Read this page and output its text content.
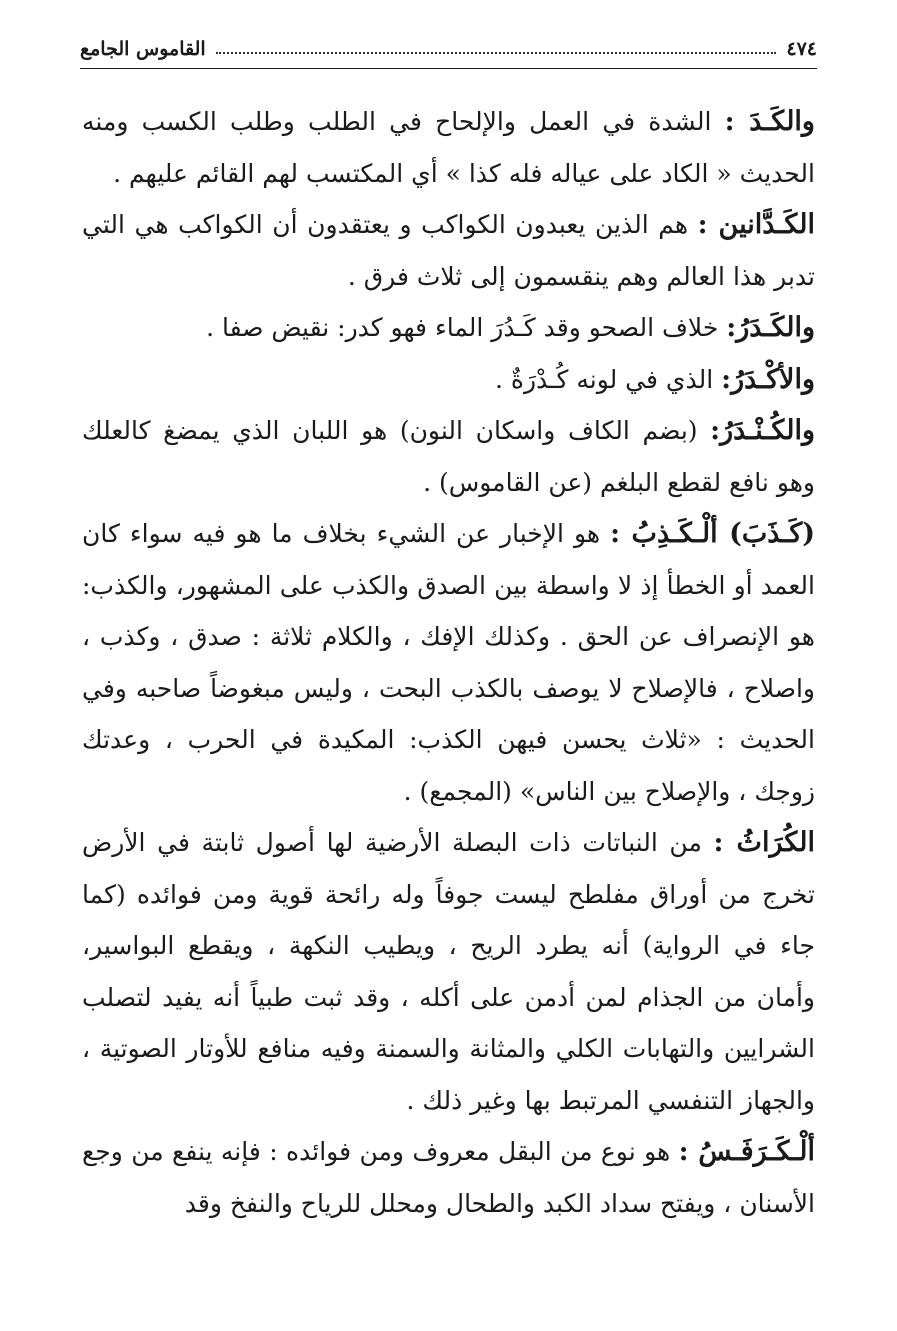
٤٧٤
القاموس الجامع

والكَـدَ : الشدة في العمل والإلحاح في الطلب وطلب الكسب ومنه الحديث « الكاد على عياله فله كذا » أي المكتسب لهم القائم عليهم .

الكَـدَّانين : هم الذين يعبدون الكواكب و يعتقدون أن الكواكب هي التي تدبر هذا العالم وهم ينقسمون إلى ثلاث فرق .

والكَـدَرُ: خلاف الصحو وقد كَـدُرَ الماء فهو كدر: نقيض صفا .

والأكْـدَرُ: الذي في لونه كُـدْرَةٌ .

والكُـنْـدَرُ: (بضم الكاف واسكان النون) هو اللبان الذي يمضغ كالعلك وهو نافع لقطع البلغم (عن القاموس) .

(كَـذَبَ) ألْـكَـذِبُ : هو الإخبار عن الشيء بخلاف ما هو فيه سواء كان العمد أو الخطأ إذ لا واسطة بين الصدق والكذب على المشهور، والكذب: هو الإنصراف عن الحق . وكذلك الإفك ، والكلام ثلاثة : صدق ، وكذب ، واصلاح ، فالإصلاح لا يوصف بالكذب البحت ، وليس مبغوضاً صاحبه وفي الحديث : «ثلاث يحسن فيهن الكذب: المكيدة في الحرب ، وعدتك زوجك ، والإصلاح بين الناس» (المجمع) .

الكُرَاثُ : من النباتات ذات البصلة الأرضية لها أصول ثابتة في الأرض تخرج من أوراق مفلطح ليست جوفاً وله رائحة قوية ومن فوائده (كما جاء في الرواية) أنه يطرد الريح ، ويطيب النكهة ، ويقطع البواسير، وأمان من الجذام لمن أدمن على أكله ، وقد ثبت طبياً أنه يفيد لتصلب الشرايين والتهابات الكلي والمثانة والسمنة وفيه منافع للأوتار الصوتية ، والجهاز التنفسي المرتبط بها وغير ذلك .

ألْـكَـرَفَـسُ : هو نوع من البقل معروف ومن فوائده : فإنه ينفع من وجع الأسنان ، ويفتح سداد الكبد والطحال ومحلل للرياح والنفخ وقد
